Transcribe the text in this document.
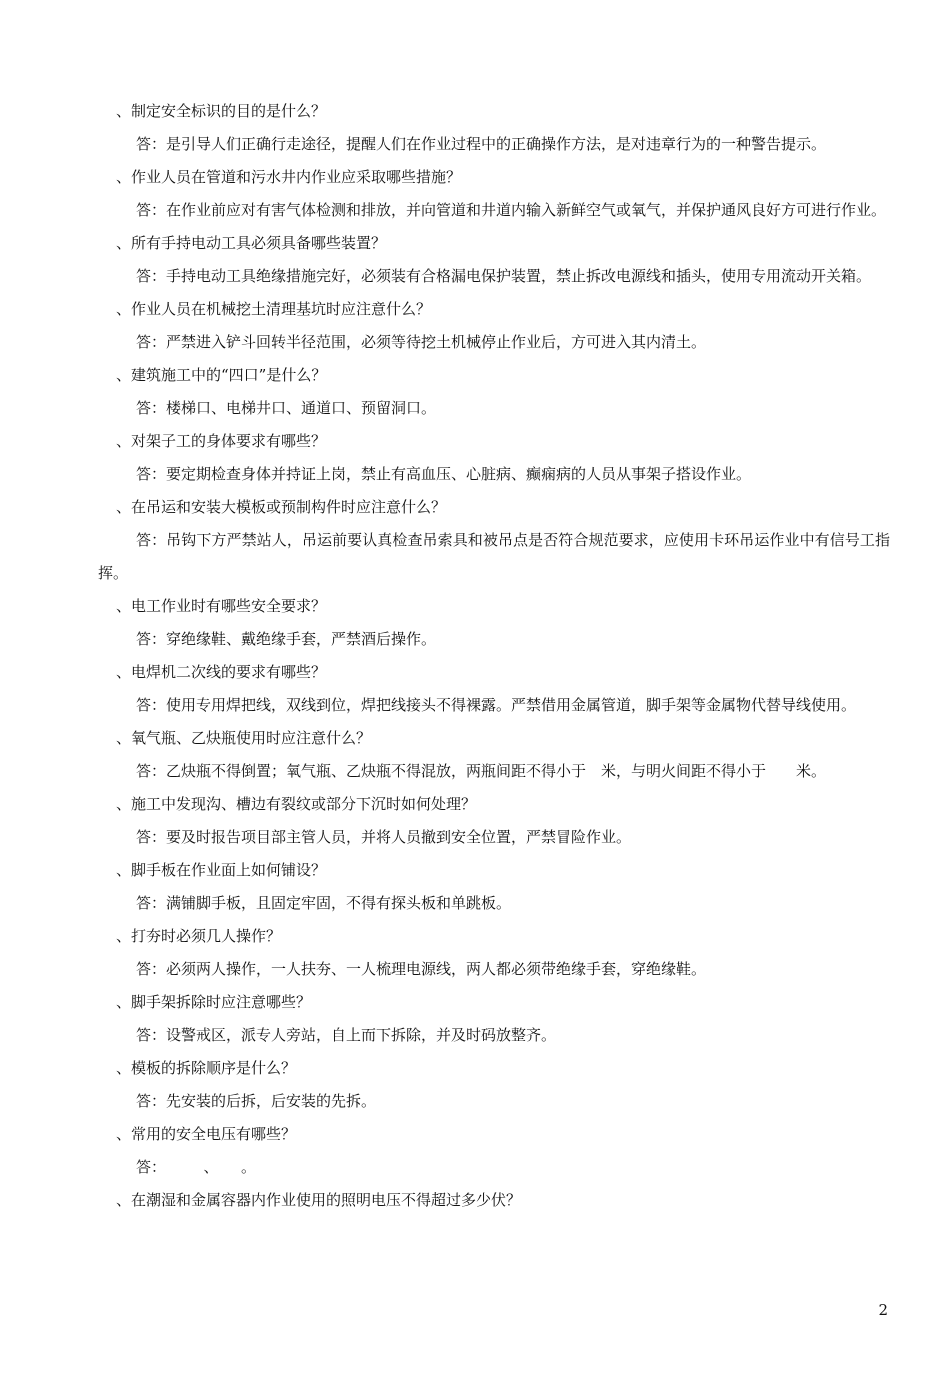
、制定安全标识的目的是什么？

答：是引导人们正确行走途径，提醒人们在作业过程中的正确操作方法，是对违章行为的一种警告提示。

、作业人员在管道和污水井内作业应采取哪些措施？

答：在作业前应对有害气体检测和排放，并向管道和井道内输入新鲜空气或氧气，并保护通风良好方可进行作业。

、所有手持电动工具必须具备哪些装置？

答：手持电动工具绝缘措施完好，必须装有合格漏电保护装置，禁止拆改电源线和插头，使用专用流动开关箱。

、作业人员在机械挖土清理基坑时应注意什么？

答：严禁进入铲斗回转半径范围，必须等待挖土机械停止作业后，方可进入其内清土。

、建筑施工中的“四口”是什么？

答：楼梯口、电梯井口、通道口、预留洞口。

、对架子工的身体要求有哪些？

答：要定期检查身体并持证上岗，禁止有高血压、心脏病、癫痫病的人员从事架子搭设作业。

、在吊运和安装大模板或预制构件时应注意什么？

答：吊钩下方严禁站人，吊运前要认真检查吊索具和被吊点是否符合规范要求，应使用卡环吊运作业中有信号工指挥。

、电工作业时有哪些安全要求？

答：穿绝缘鞋、戴绝缘手套，严禁酒后操作。

、电焊机二次线的要求有哪些？

答：使用专用焊把线，双线到位，焊把线接头不得裸露。严禁借用金属管道，脚手架等金属物代替导线使用。

、氧气瓶、乙炔瓶使用时应注意什么？

答：乙炔瓶不得倒置；氧气瓶、乙炔瓶不得混放，两瓶间距不得小于　米，与明火间距不得小于　　米。

、施工中发现沟、槽边有裂纹或部分下沉时如何处理？

答：要及时报告项目部主管人员，并将人员撤到安全位置，严禁冒险作业。

、脚手板在作业面上如何铺设？

答：满铺脚手板，且固定牢固，不得有探头板和单跳板。

、打夯时必须几人操作？

答：必须两人操作，一人扶夯、一人梳理电源线，两人都必须带绝缘手套，穿绝缘鞋。

、脚手架拆除时应注意哪些？

答：设警戒区，派专人旁站，自上而下拆除，并及时码放整齐。

、模板的拆除顺序是什么？

答：先安装的后拆，后安装的先拆。

、常用的安全电压有哪些？

答：　　　、　　。

、在潮湿和金属容器内作业使用的照明电压不得超过多少伏？

2
